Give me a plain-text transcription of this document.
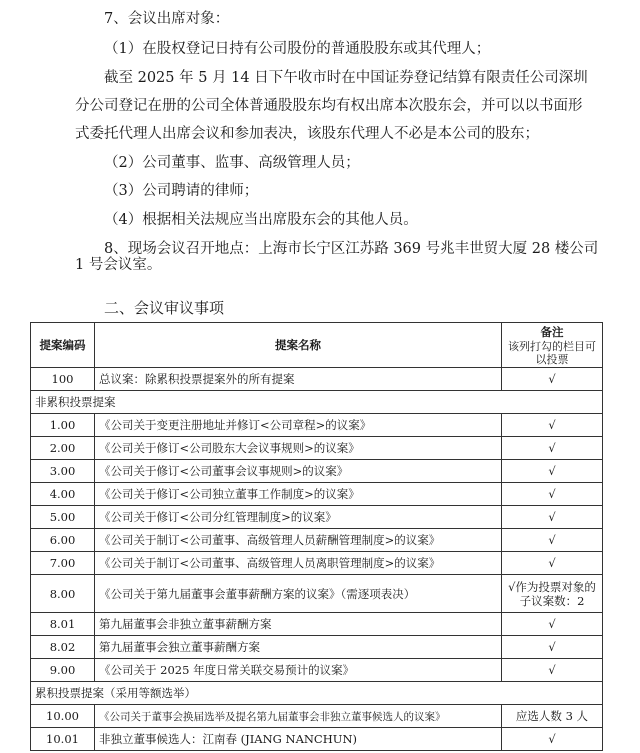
7、会议出席对象：
（1）在股权登记日持有公司股份的普通股股东或其代理人；
截至 2025 年 5 月 14 日下午收市时在中国证券登记结算有限责任公司深圳
分公司登记在册的公司全体普通股股东均有权出席本次股东会，并可以以书面形
式委托代理人出席会议和参加表决，该股东代理人不必是本公司的股东；
（2）公司董事、监事、高级管理人员；
（3）公司聘请的律师；
（4）根据相关法规应当出席股东会的其他人员。
8、现场会议召开地点：上海市长宁区江苏路 369 号兆丰世贸大厦 28 楼公司
1 号会议室。
二、会议审议事项
提案编码	提案名称	备注
该列打勾的栏目可以投票

100	总议案：除累积投票提案外的所有提案	√
非累积投票提案		
1.00	《公司关于变更注册地址并修订<公司章程>的议案》	√
2.00	《公司关于修订<公司股东大会议事规则>的议案》	√
3.00	《公司关于修订<公司董事会议事规则>的议案》	√
4.00	《公司关于修订<公司独立董事工作制度>的议案》	√
5.00	《公司关于修订<公司分红管理制度>的议案》	√
6.00	《公司关于制订<公司董事、高级管理人员薪酬管理制度>的议案》	√
7.00	《公司关于制订<公司董事、高级管理人员离职管理制度>的议案》	√
8.00	《公司关于第九届董事会董事薪酬方案的议案》（需逐项表决）	√作为投票对象的子议案数：2
8.01	第九届董事会非独立董事薪酬方案	√
8.02	第九届董事会独立董事薪酬方案	√
9.00	《公司关于 2025 年度日常关联交易预计的议案》	√
累积投票提案（采用等额选举）		
10.00	《公司关于董事会换届选举及提名第九届董事会非独立董事候选人的议案》	应选人数 3 人
10.01	非独立董事候选人：江南春 (JIANG NANCHUN)	√
